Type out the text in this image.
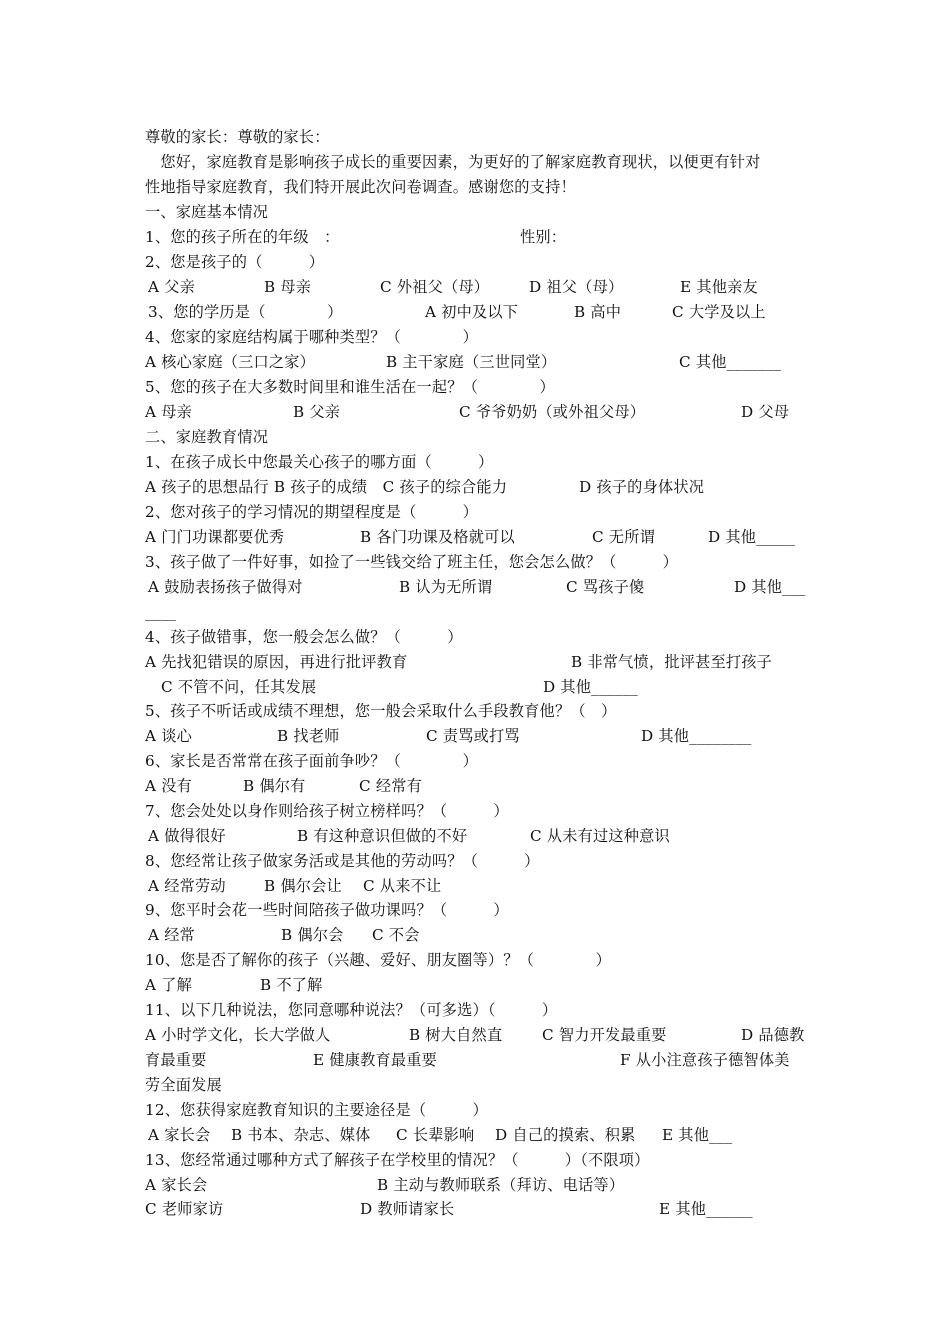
尊敬的家长：尊敬的家长：
　您好，家庭教育是影响孩子成长的重要因素，为更好的了解家庭教育现状，以便更有针对
性地指导家庭教育，我们特开展此次问卷调查。感谢您的支持！
一、家庭基本情况
1、您的孩子所在的年级　：	性别：
2、您是孩子的（　　　）
A 父亲	B 母亲	C 外祖父（母）	D 祖父（母）	E 其他亲友
3、您的学历是（　　　　）	A 初中及以下	B 高中	C 大学及以上
4、您家的家庭结构属于哪种类型？（　　　　）
A 核心家庭（三口之家）	B 主干家庭（三世同堂）	C 其他_______
5、您的孩子在大多数时间里和谁生活在一起？（　　　　）
A 母亲	B 父亲	C 爷爷奶奶（或外祖父母）	D 父母
二、家庭教育情况
1、在孩子成长中您最关心孩子的哪方面（　　　）
A 孩子的思想品行 B 孩子的成绩　C 孩子的综合能力	D 孩子的身体状况
2、您对孩子的学习情况的期望程度是（　　　）
A 门门功课都要优秀	B 各门功课及格就可以	C 无所谓	D 其他_____
3、孩子做了一件好事，如捡了一些钱交给了班主任，您会怎么做？（　　　）
A 鼓励表扬孩子做得对	B 认为无所谓	C 骂孩子傻	D 其他___
____
4、孩子做错事，您一般会怎么做？（　　　）
A 先找犯错误的原因，再进行批评教育	B 非常气愤，批评甚至打孩子
C 不管不问，任其发展	D 其他______
5、孩子不听话或成绩不理想，您一般会采取什么手段教育他？（　）
A 谈心	B 找老师	C 责骂或打骂	D 其他________
6、家长是否常常在孩子面前争吵？（　　　　）
A 没有	B 偶尔有	C 经常有
7、您会处处以身作则给孩子树立榜样吗？（　　　）
A 做得很好	B 有这种意识但做的不好	C 从未有过这种意识
8、您经常让孩子做家务活或是其他的劳动吗？（　　　）
A 经常劳动	B 偶尔会让 C 从来不让
9、您平时会花一些时间陪孩子做功课吗？（　　　）
A 经常	B 偶尔会 C 不会
10、您是否了解你的孩子（兴趣、爱好、朋友圈等）？（　　　　）
A 了解	B 不了解
11、以下几种说法，您同意哪种说法？（可多选）（　　　）
A 小时学文化，长大学做人	B 树大自然直	C 智力开发最重要	D 品德教
育最重要	E 健康教育最重要	F 从小注意孩子德智体美
劳全面发展
12、您获得家庭教育知识的主要途径是（　　　）
A 家长会 B 书本、杂志、媒体 C 长辈影响 D 自己的摸索、积累 E 其他___
13、您经常通过哪种方式了解孩子在学校里的情况？（　　　）（不限项）
A 家长会	B 主动与教师联系（拜访、电话等）
C 老师家访	D 教师请家长	E 其他______
